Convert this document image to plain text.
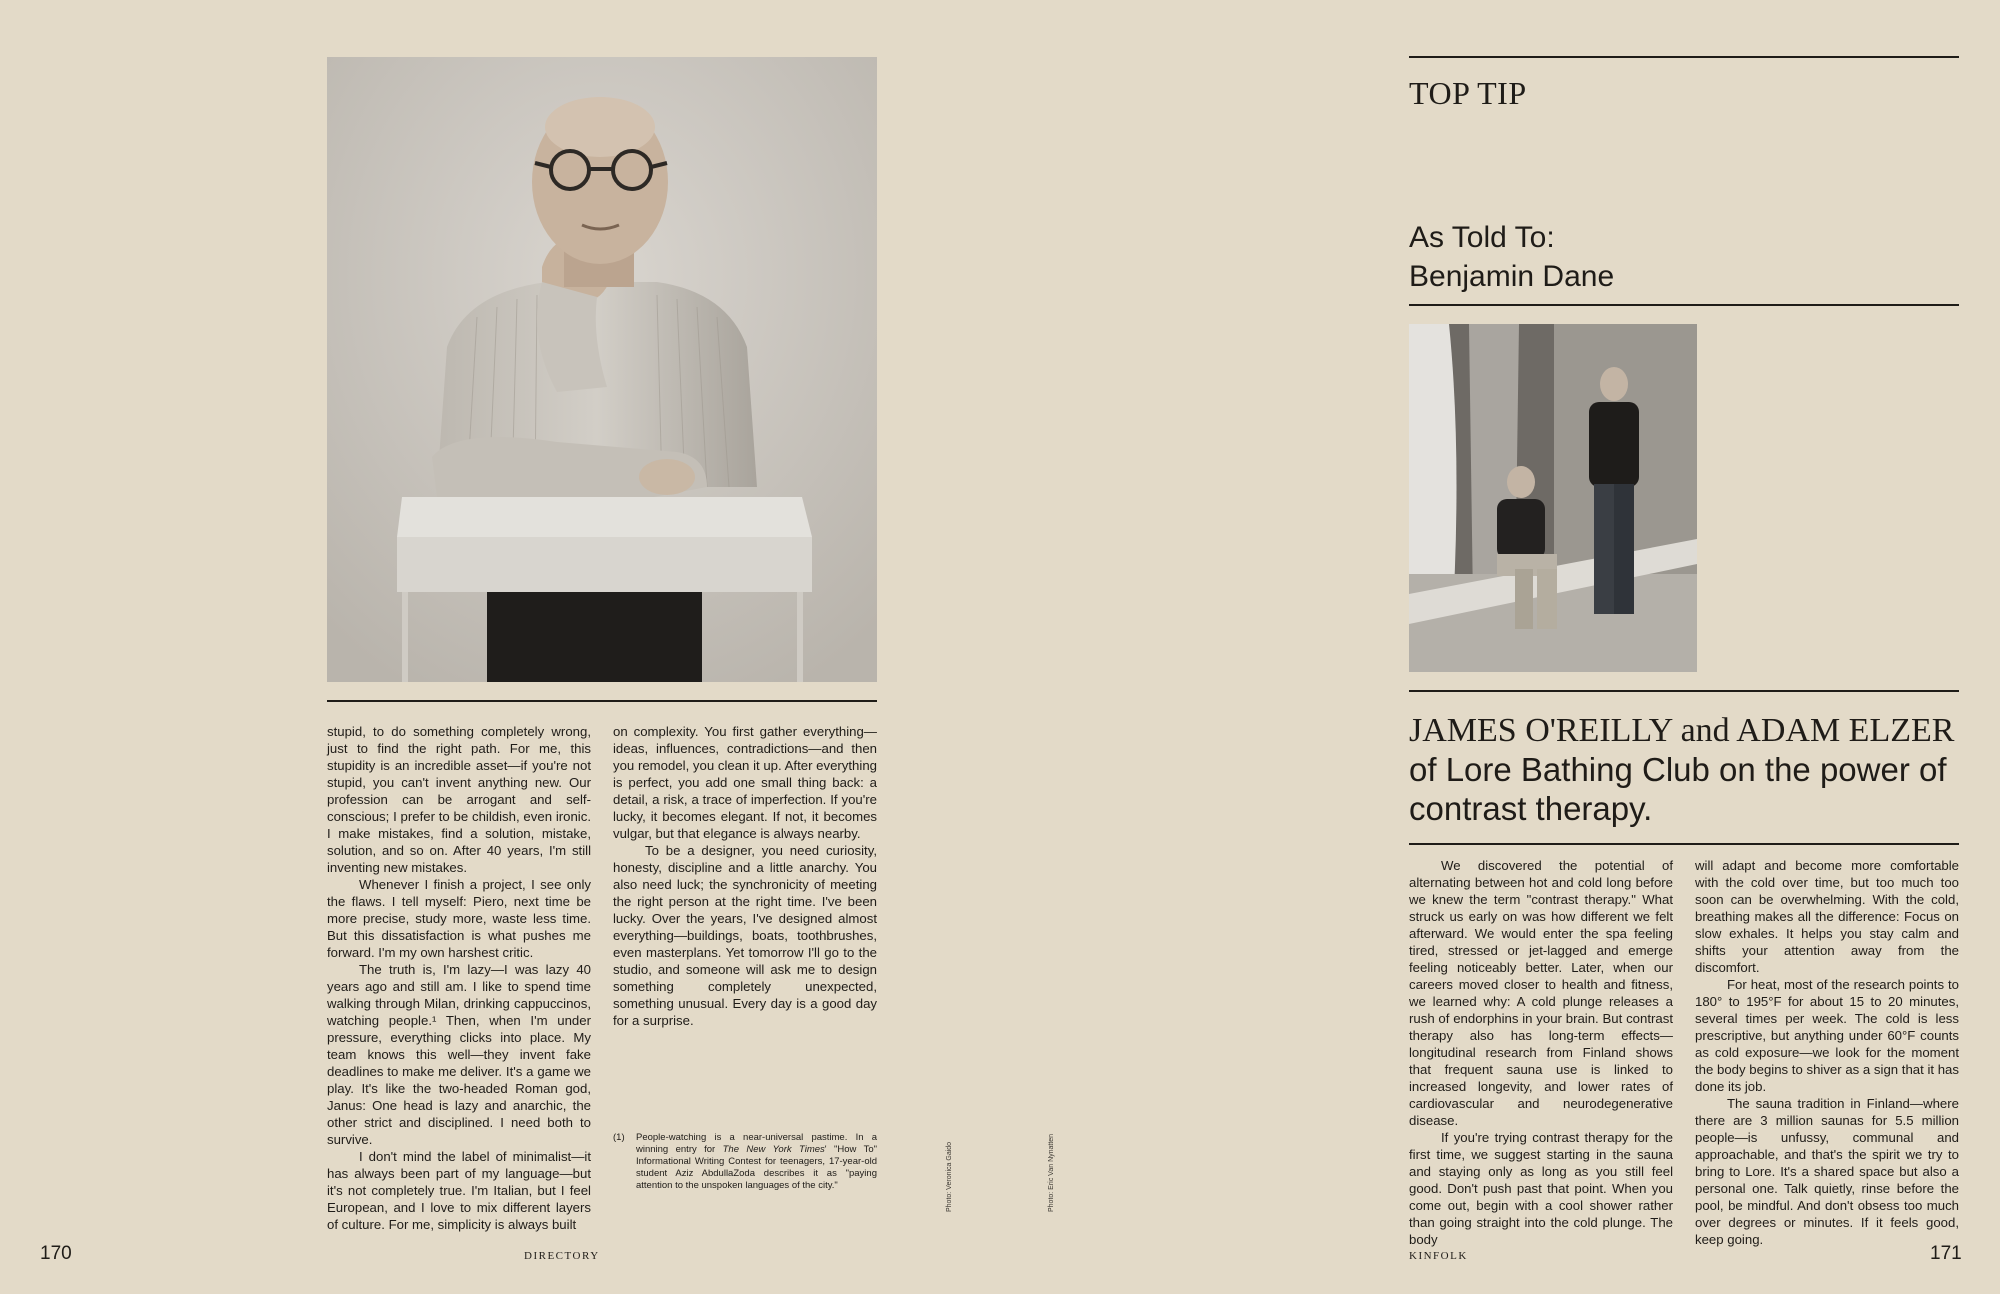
stupid, to do something completely wrong, just to find the right path. For me, this stupidity is an incredible asset—if you're not stupid, you can't invent anything new. Our profession can be arrogant and self-conscious; I prefer to be childish, even ironic. I make mistakes, find a solution, mistake, solution, and so on. After 40 years, I'm still inventing new mistakes.

Whenever I finish a project, I see only the flaws. I tell myself: Piero, next time be more precise, study more, waste less time. But this dissatisfaction is what pushes me forward. I'm my own harshest critic.

The truth is, I'm lazy—I was lazy 40 years ago and still am. I like to spend time walking through Milan, drinking cappuccinos, watching people.¹ Then, when I'm under pressure, everything clicks into place. My team knows this well—they invent fake deadlines to make me deliver. It's a game we play. It's like the two-headed Roman god, Janus: One head is lazy and anarchic, the other strict and disciplined. I need both to survive.

I don't mind the label of minimalist—it has always been part of my language—but it's not completely true. I'm Italian, but I feel European, and I love to mix different layers of culture. For me, simplicity is always built

on complexity. You first gather everything—ideas, influences, contradictions—and then you remodel, you clean it up. After everything is perfect, you add one small thing back: a detail, a risk, a trace of imperfection. If you're lucky, it becomes elegant. If not, it becomes vulgar, but that elegance is always nearby.

To be a designer, you need curiosity, honesty, discipline and a little anarchy. You also need luck; the synchronicity of meeting the right person at the right time. I've been lucky. Over the years, I've designed almost everything—buildings, boats, toothbrushes, even masterplans. Yet tomorrow I'll go to the studio, and someone will ask me to design something completely unexpected, something unusual. Every day is a good day for a surprise.

(1) People-watching is a near-universal pastime. In a winning entry for The New York Times' "How To" Informational Writing Contest for teenagers, 17-year-old student Aziz AbdullaZoda describes it as "paying attention to the unspoken languages of the city."	Photo: Veronica Gaido	Photo: Eric Van Nynatten
170	DIRECTORY
TOP TIP
As Told To:
Benjamin Dane
JAMES O'REILLY and ADAM ELZER of Lore Bathing Club on the power of contrast therapy.

We discovered the potential of alternating between hot and cold long before we knew the term "contrast therapy." What struck us early on was how different we felt afterward. We would enter the spa feeling tired, stressed or jet-lagged and emerge feeling noticeably better. Later, when our careers moved closer to health and fitness, we learned why: A cold plunge releases a rush of endorphins in your brain. But contrast therapy also has long-term effects—longitudinal research from Finland shows that frequent sauna use is linked to increased longevity, and lower rates of cardiovascular and neurodegenerative disease.

If you're trying contrast therapy for the first time, we suggest starting in the sauna and staying only as long as you still feel good. Don't push past that point. When you come out, begin with a cool shower rather than going straight into the cold plunge. The body

will adapt and become more comfortable with the cold over time, but too much too soon can be overwhelming. With the cold, breathing makes all the difference: Focus on slow exhales. It helps you stay calm and shifts your attention away from the discomfort.

For heat, most of the research points to 180° to 195°F for about 15 to 20 minutes, several times per week. The cold is less prescriptive, but anything under 60°F counts as cold exposure—we look for the moment the body begins to shiver as a sign that it has done its job.

The sauna tradition in Finland—where there are 3 million saunas for 5.5 million people—is unfussy, communal and approachable, and that's the spirit we try to bring to Lore. It's a shared space but also a personal one. Talk quietly, rinse before the pool, be mindful. And don't obsess too much over degrees or minutes. If it feels good, keep going.

KINFOLK	171
